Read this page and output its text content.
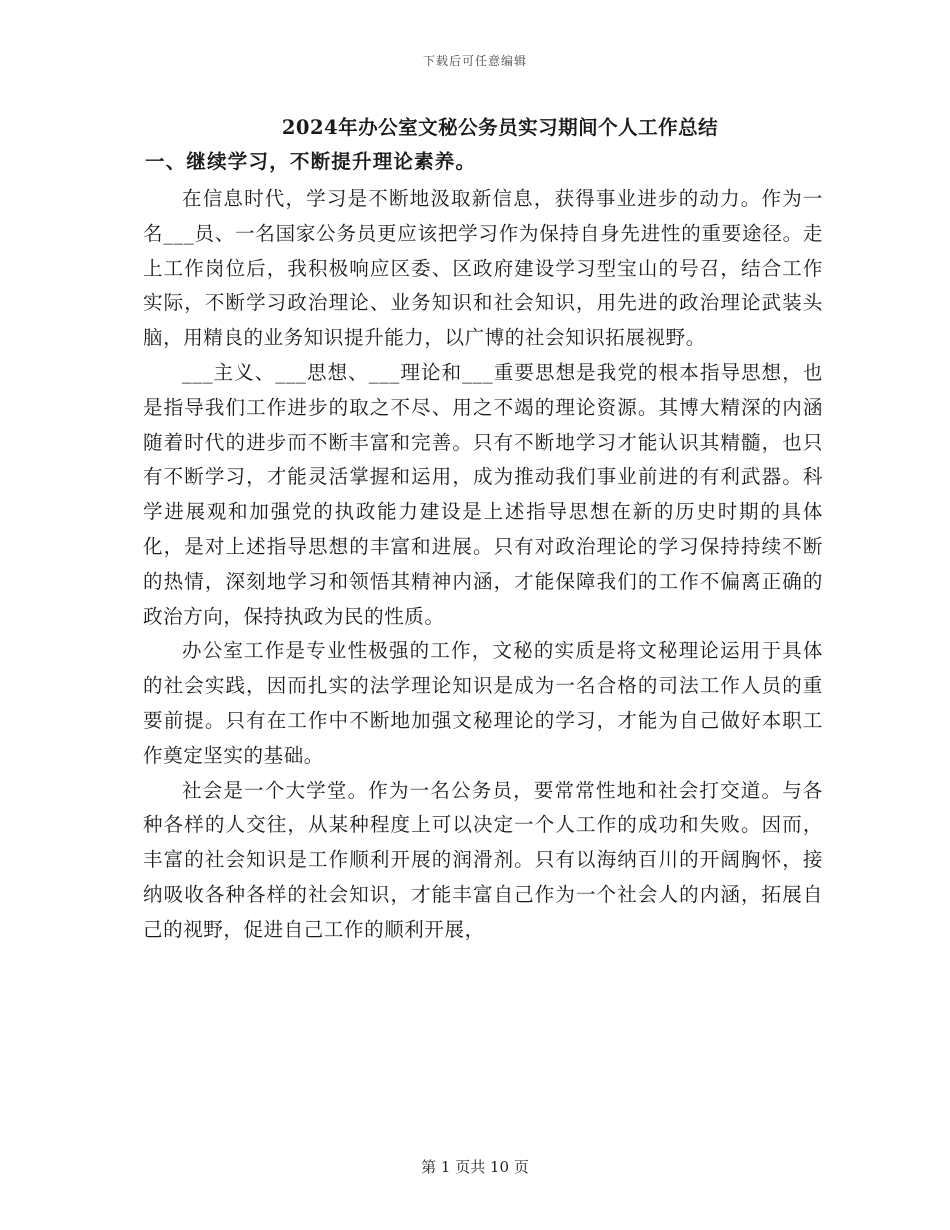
下载后可任意编辑
2024年办公室文秘公务员实习期间个人工作总结
一、继续学习，不断提升理论素养。

在信息时代，学习是不断地汲取新信息，获得事业进步的动力。作为一名___员、一名国家公务员更应该把学习作为保持自身先进性的重要途径。走上工作岗位后，我积极响应区委、区政府建设学习型宝山的号召，结合工作实际，不断学习政治理论、业务知识和社会知识，用先进的政治理论武装头脑，用精良的业务知识提升能力，以广博的社会知识拓展视野。

___主义、___思想、___理论和___重要思想是我党的根本指导思想，也是指导我们工作进步的取之不尽、用之不竭的理论资源。其博大精深的内涵随着时代的进步而不断丰富和完善。只有不断地学习才能认识其精髓，也只有不断学习，才能灵活掌握和运用，成为推动我们事业前进的有利武器。科学进展观和加强党的执政能力建设是上述指导思想在新的历史时期的具体化，是对上述指导思想的丰富和进展。只有对政治理论的学习保持持续不断的热情，深刻地学习和领悟其精神内涵，才能保障我们的工作不偏离正确的政治方向，保持执政为民的性质。

办公室工作是专业性极强的工作，文秘的实质是将文秘理论运用于具体的社会实践，因而扎实的法学理论知识是成为一名合格的司法工作人员的重要前提。只有在工作中不断地加强文秘理论的学习，才能为自己做好本职工作奠定坚实的基础。

社会是一个大学堂。作为一名公务员，要常常性地和社会打交道。与各种各样的人交往，从某种程度上可以决定一个人工作的成功和失败。因而，丰富的社会知识是工作顺利开展的润滑剂。只有以海纳百川的开阔胸怀，接纳吸收各种各样的社会知识，才能丰富自己作为一个社会人的内涵，拓展自己的视野，促进自己工作的顺利开展，

第 1 页共 10 页
